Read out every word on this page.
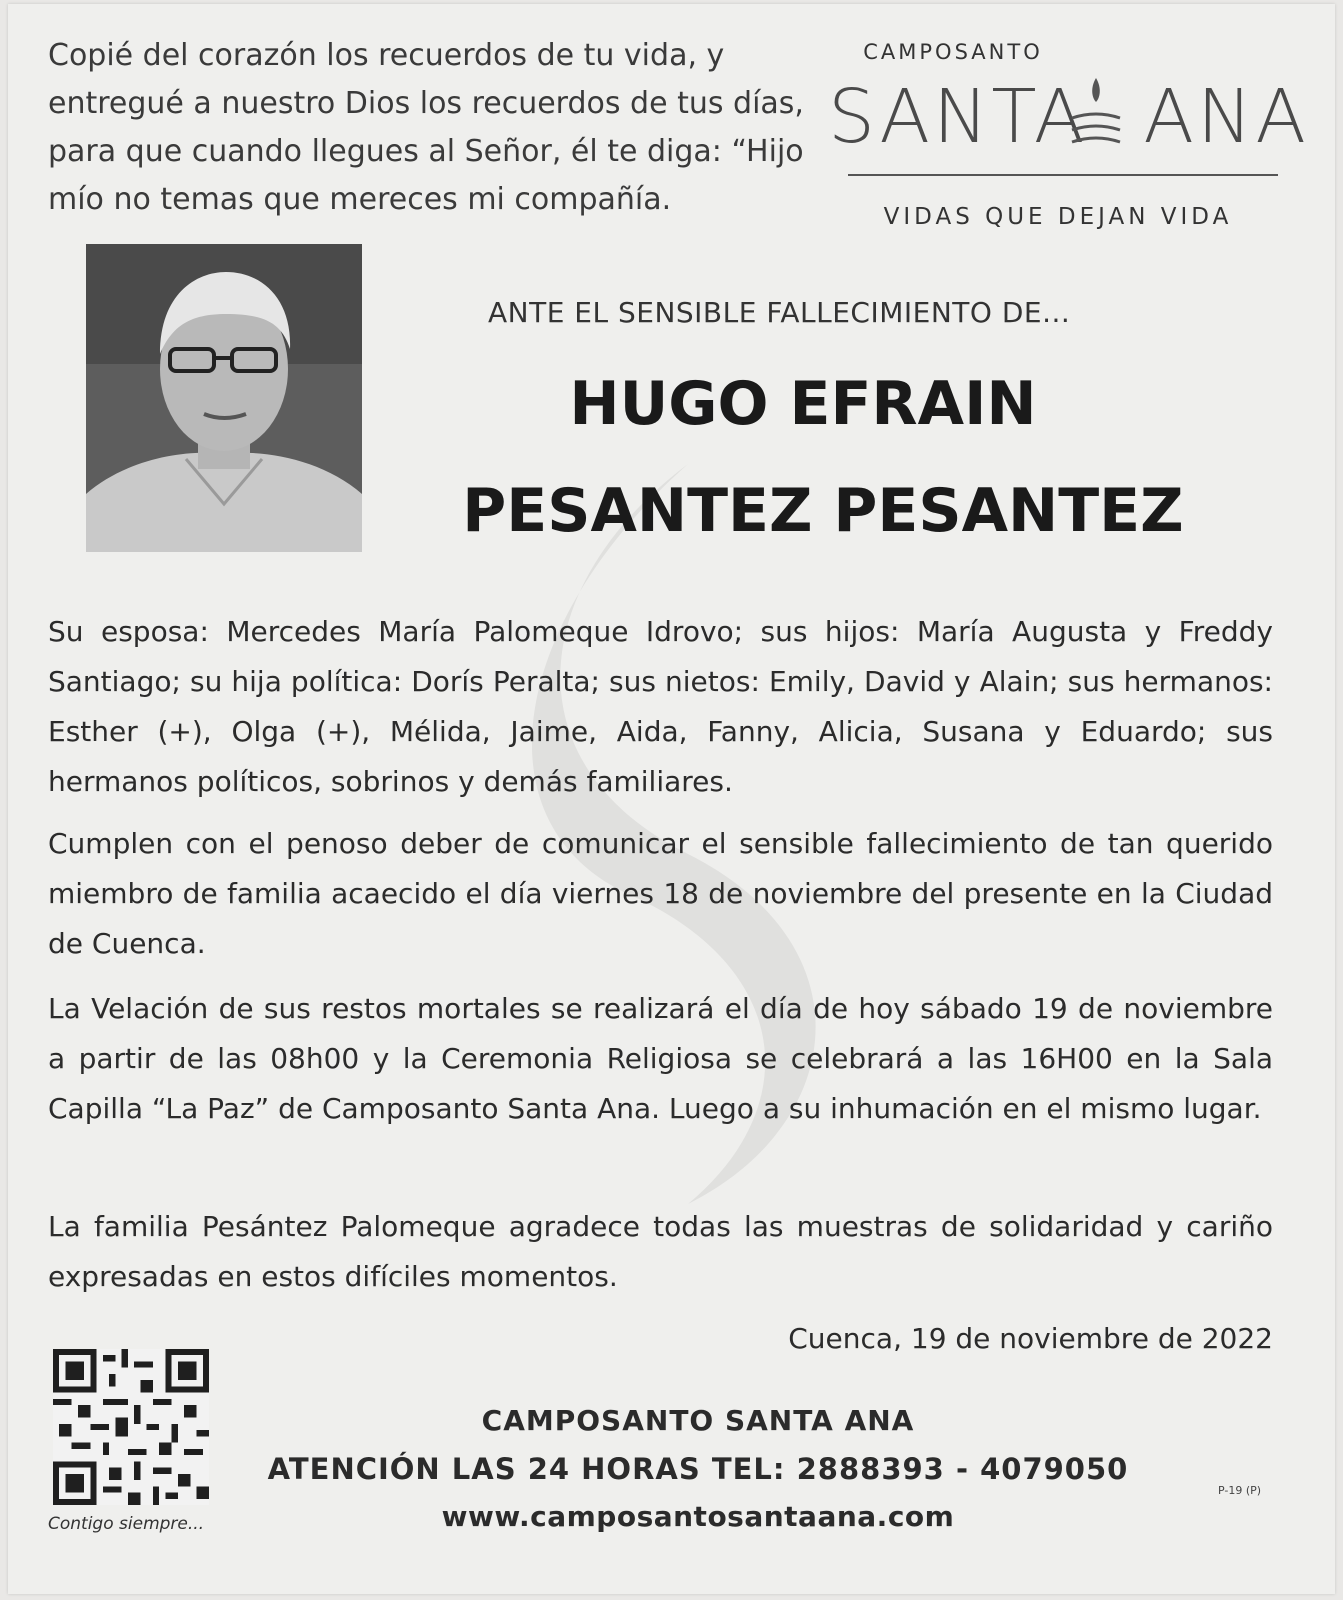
Copié del corazón los recuerdos de tu vida, y
entregué a nuestro Dios los recuerdos de tus días,
para que cuando llegues al Señor, él te diga: “Hijo
mío no temas que mereces mi compañía.
CAMPOSANTO
SANTA ANA
VIDAS QUE DEJAN VIDA
ANTE EL SENSIBLE FALLECIMIENTO DE...
HUGO EFRAIN
PESANTEZ PESANTEZ
Su esposa: Mercedes María Palomeque Idrovo; sus hijos: María Augusta y Freddy Santiago; su hija política: Dorís Peralta; sus nietos: Emily, David y Alain; sus hermanos: Esther (+), Olga (+), Mélida, Jaime, Aida, Fanny, Alicia, Susana y Eduardo; sus hermanos políticos, sobrinos y demás familiares.
Cumplen con el penoso deber de comunicar el sensible fallecimiento de tan querido miembro de familia acaecido el día viernes 18 de noviembre del presente en la Ciudad de Cuenca.
La Velación de sus restos mortales se realizará el día de hoy sábado 19 de noviembre a partir de las 08h00 y la Ceremonia Religiosa se celebrará a las 16H00 en la Sala Capilla “La Paz” de Camposanto Santa Ana. Luego a su inhumación en el mismo lugar.
La familia Pesántez Palomeque agradece todas las muestras de solidaridad y cariño expresadas en estos difíciles momentos.
Cuenca, 19 de noviembre de 2022
Contigo siempre...
CAMPOSANTO SANTA ANA
ATENCIÓN LAS 24 HORAS TEL: 2888393 - 4079050
www.camposantosantaana.com
P-19 (P)
